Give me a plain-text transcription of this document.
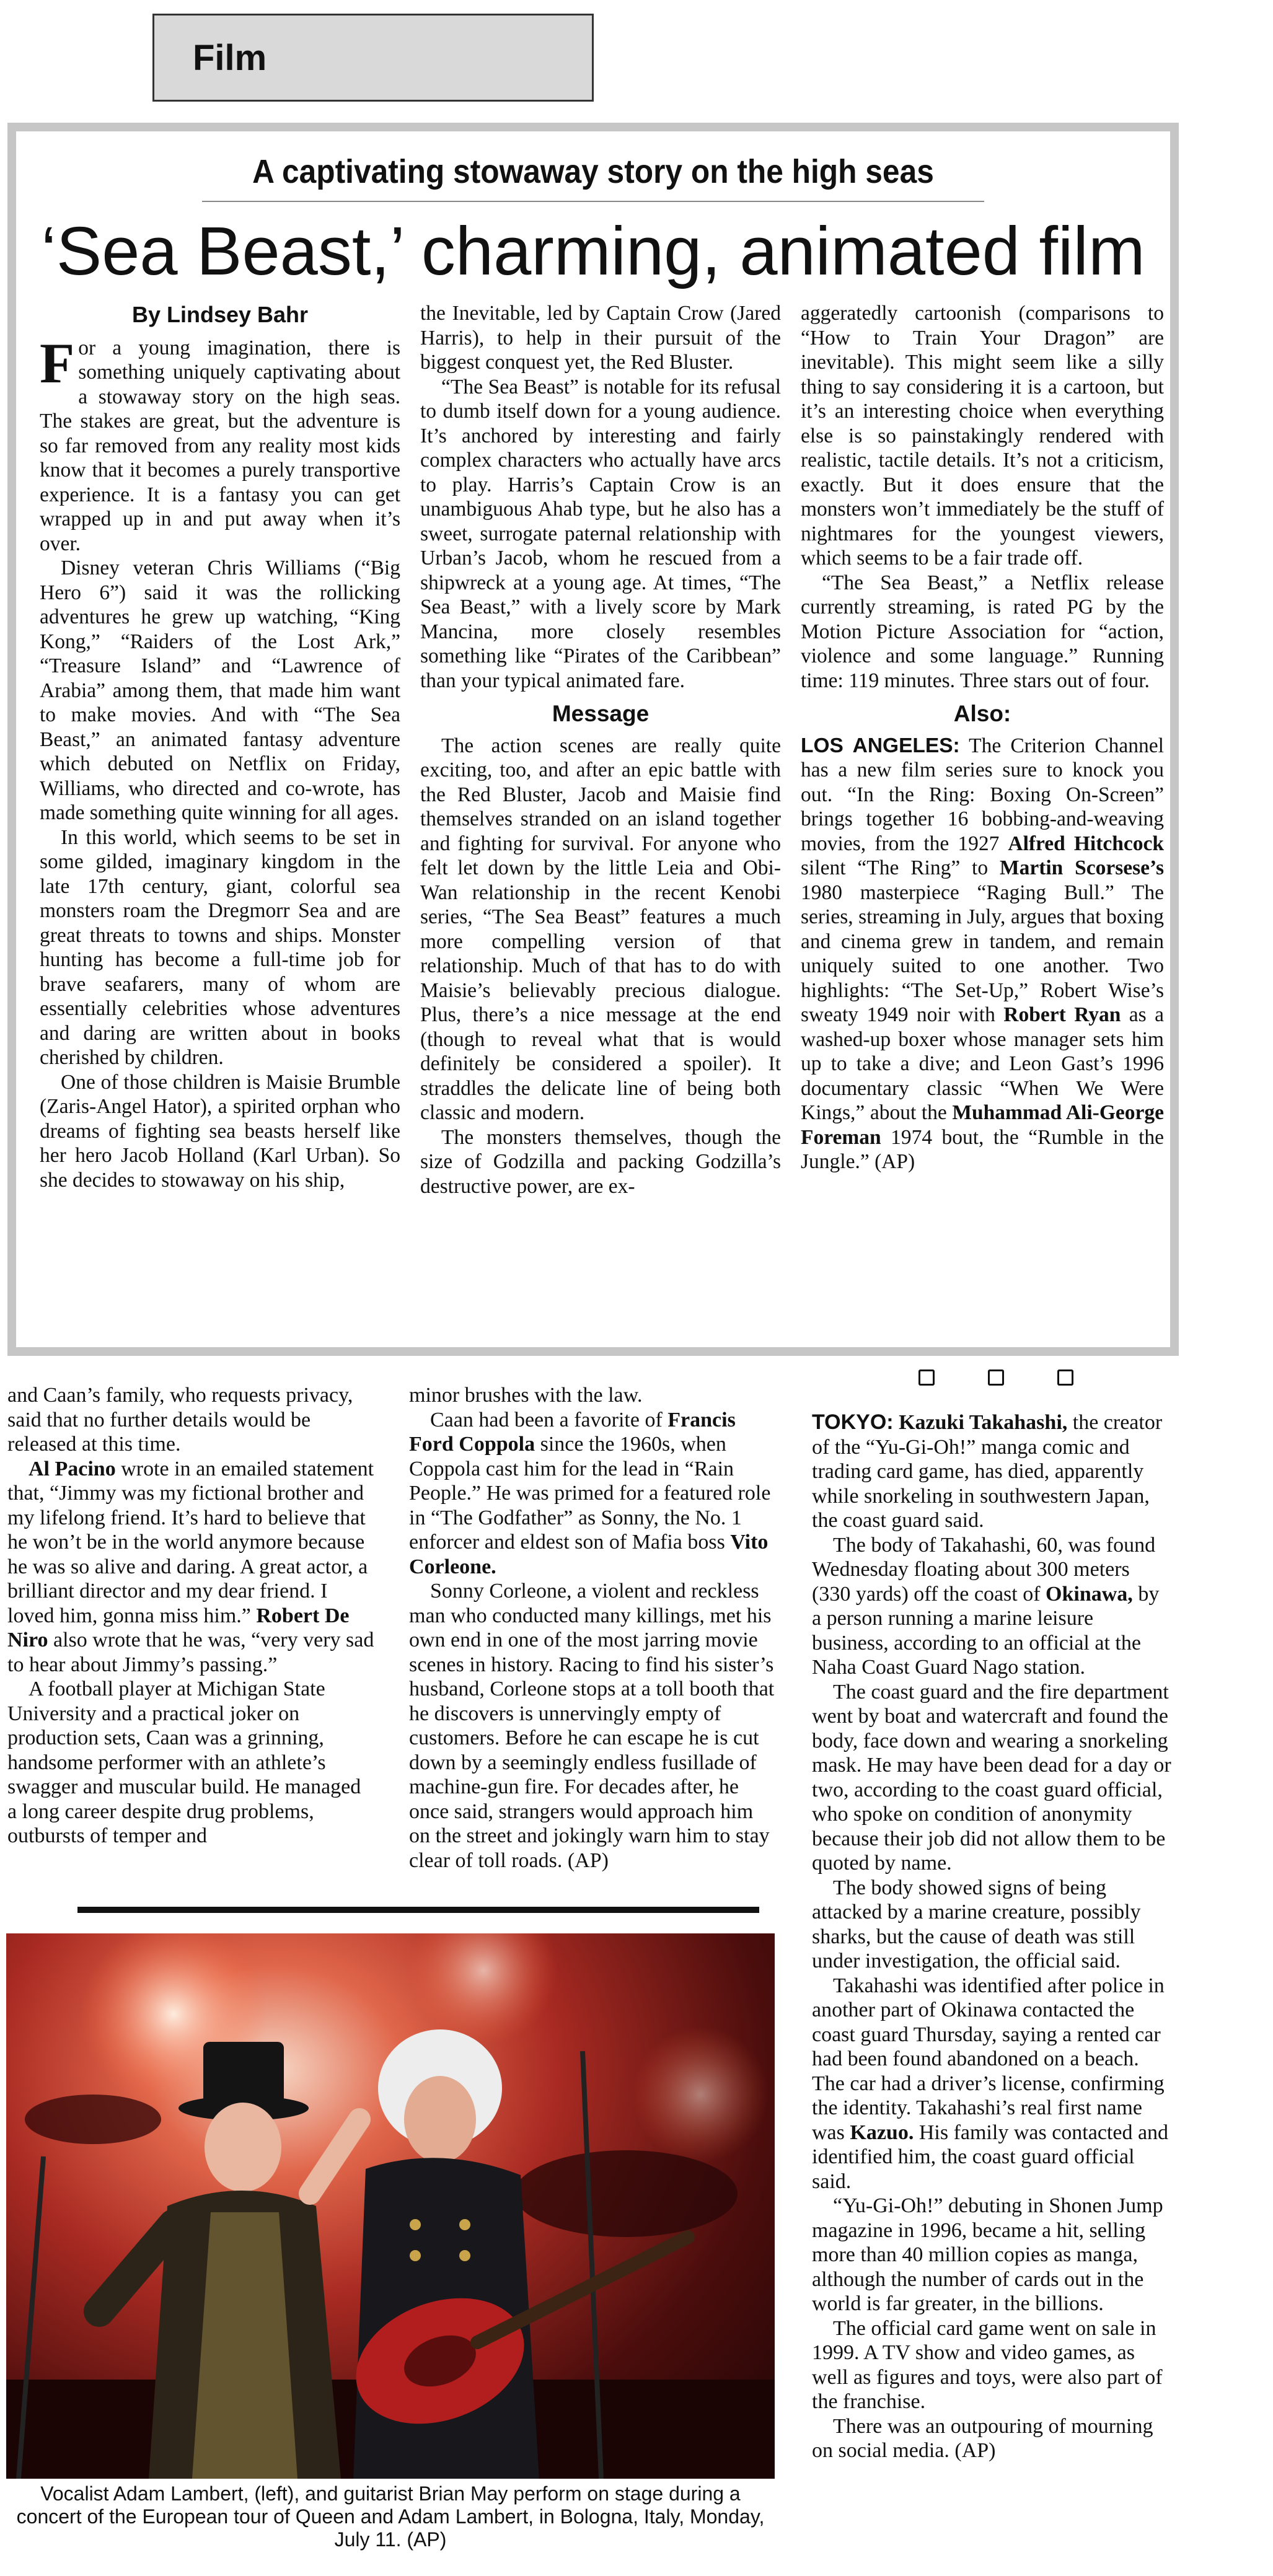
Film
A captivating stowaway story on the high seas
‘Sea Beast,’ charming, animated film
By Lindsey Bahr

For a young imagination, there is something uniquely captivating about a stowaway story on the high seas. The stakes are great, but the adventure is so far removed from any reality most kids know that it becomes a purely transportive experience. It is a fantasy you can get wrapped up in and put away when it’s over.

Disney veteran Chris Williams (“Big Hero 6”) said it was the rollicking adventures he grew up watching, “King Kong,” “Raiders of the Lost Ark,” “Treasure Island” and “Lawrence of Arabia” among them, that made him want to make movies. And with “The Sea Beast,” an animated fantasy adventure which debuted on Netflix on Friday, Williams, who directed and co-wrote, has made something quite winning for all ages.

In this world, which seems to be set in some gilded, imaginary kingdom in the late 17th century, giant, colorful sea monsters roam the Dregmorr Sea and are great threats to towns and ships. Monster hunting has become a full-time job for brave seafarers, many of whom are essentially celebrities whose adventures and daring are written about in books cherished by children.

One of those children is Maisie Brumble (Zaris-Angel Hator), a spirited orphan who dreams of fighting sea beasts herself like her hero Jacob Holland (Karl Urban). So she decides to stowaway on his ship,

the Inevitable, led by Captain Crow (Jared Harris), to help in their pursuit of the biggest conquest yet, the Red Bluster.

“The Sea Beast” is notable for its refusal to dumb itself down for a young audience. It’s anchored by interesting and fairly complex characters who actually have arcs to play. Harris’s Captain Crow is an unambiguous Ahab type, but he also has a sweet, surrogate paternal relationship with Urban’s Jacob, whom he rescued from a shipwreck at a young age. At times, “The Sea Beast,” with a lively score by Mark Mancina, more closely resembles something like “Pirates of the Caribbean” than your typical animated fare.

Message

The action scenes are really quite exciting, too, and after an epic battle with the Red Bluster, Jacob and Maisie find themselves stranded on an island together and fighting for survival. For anyone who felt let down by the little Leia and Obi-Wan relationship in the recent Kenobi series, “The Sea Beast” features a much more compelling version of that relationship. Much of that has to do with Maisie’s believably precious dialogue. Plus, there’s a nice message at the end (though to reveal what that is would definitely be considered a spoiler). It straddles the delicate line of being both classic and modern.

The monsters themselves, though the size of Godzilla and packing Godzilla’s destructive power, are ex-

aggeratedly cartoonish (comparisons to “How to Train Your Dragon” are inevitable). This might seem like a silly thing to say considering it is a cartoon, but it’s an interesting choice when everything else is so painstakingly rendered with realistic, tactile details. It’s not a criticism, exactly. But it does ensure that the monsters won’t immediately be the stuff of nightmares for the youngest viewers, which seems to be a fair trade off.

“The Sea Beast,” a Netflix release currently streaming, is rated PG by the Motion Picture Association for “action, violence and some language.” Running time: 119 minutes. Three stars out of four.

Also:

LOS ANGELES: The Criterion Channel has a new film series sure to knock you out. “In the Ring: Boxing On-Screen” brings together 16 bobbing-and-weaving movies, from the 1927 Alfred Hitchcock silent “The Ring” to Martin Scorsese’s 1980 masterpiece “Raging Bull.” The series, streaming in July, argues that boxing and cinema grew in tandem, and remain uniquely suited to one another. Two highlights: “The Set-Up,” Robert Wise’s sweaty 1949 noir with Robert Ryan as a washed-up boxer whose manager sets him up to take a dive; and Leon Gast’s 1996 documentary classic “When We Were Kings,” about the Muhammad Ali-George Foreman 1974 bout, the “Rumble in the Jungle.” (AP)

and Caan’s family, who requests privacy, said that no further details would be released at this time.

Al Pacino wrote in an emailed statement that, “Jimmy was my fictional brother and my lifelong friend. It’s hard to believe that he won’t be in the world anymore because he was so alive and daring. A great actor, a brilliant director and my dear friend. I loved him, gonna miss him.” Robert De Niro also wrote that he was, “very very sad to hear about Jimmy’s passing.”

A football player at Michigan State University and a practical joker on production sets, Caan was a grinning, handsome performer with an athlete’s swagger and muscular build. He managed a long career despite drug problems, outbursts of temper and

minor brushes with the law.

Caan had been a favorite of Francis Ford Coppola since the 1960s, when Coppola cast him for the lead in “Rain People.” He was primed for a featured role in “The Godfather” as Sonny, the No. 1 enforcer and eldest son of Mafia boss Vito Corleone.

Sonny Corleone, a violent and reckless man who conducted many killings, met his own end in one of the most jarring movie scenes in history. Racing to find his sister’s husband, Corleone stops at a toll booth that he discovers is unnervingly empty of customers. Before he can escape he is cut down by a seemingly endless fusillade of machine-gun fire. For decades after, he once said, strangers would approach him on the street and jokingly warn him to stay clear of toll roads. (AP)

TOKYO: Kazuki Takahashi, the creator of the “Yu-Gi-Oh!” manga comic and trading card game, has died, apparently while snorkeling in southwestern Japan, the coast guard said.

The body of Takahashi, 60, was found Wednesday floating about 300 meters (330 yards) off the coast of Okinawa, by a person running a marine leisure business, according to an official at the Naha Coast Guard Nago station.

The coast guard and the fire department went by boat and watercraft and found the body, face down and wearing a snorkeling mask. He may have been dead for a day or two, according to the coast guard official, who spoke on condition of anonymity because their job did not allow them to be quoted by name.

The body showed signs of being attacked by a marine creature, possibly sharks, but the cause of death was still under investigation, the official said.

Takahashi was identified after police in another part of Okinawa contacted the coast guard Thursday, saying a rented car had been found abandoned on a beach. The car had a driver’s license, confirming the identity. Takahashi’s real first name was Kazuo. His family was contacted and identified him, the coast guard official said.

“Yu-Gi-Oh!” debuting in Shonen Jump magazine in 1996, became a hit, selling more than 40 million copies as manga, although the number of cards out in the world is far greater, in the billions.

The official card game went on sale in 1999. A TV show and video games, as well as figures and toys, were also part of the franchise.

There was an outpouring of mourning on social media. (AP)

Vocalist Adam Lambert, (left), and guitarist Brian May perform on stage during a concert of the European tour of Queen and Adam Lambert, in Bologna, Italy, Monday, July 11. (AP)
